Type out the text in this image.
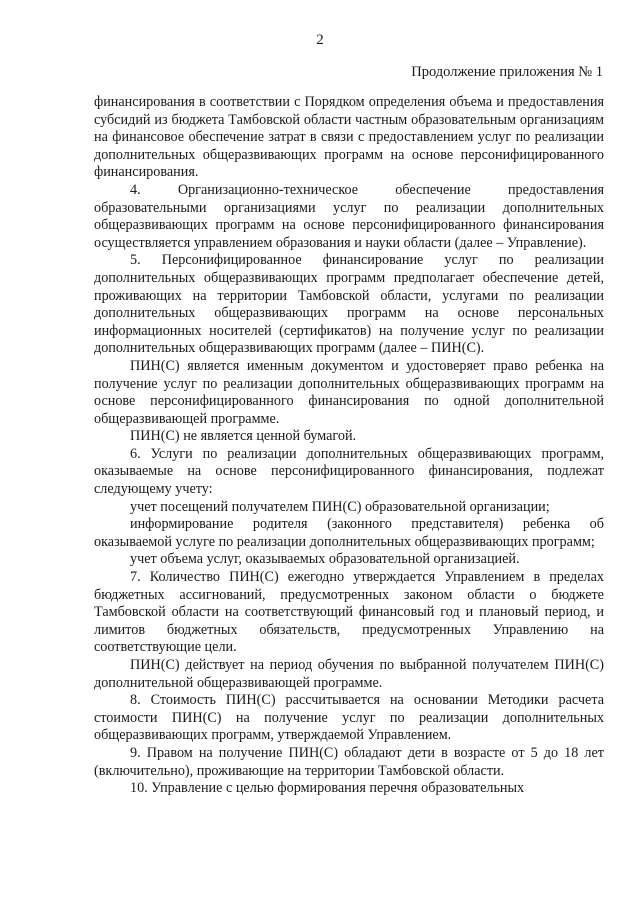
2
Продолжение приложения № 1

финансирования в соответствии с Порядком определения объема и предоставления субсидий из бюджета Тамбовской области частным образовательным организациям на финансовое обеспечение затрат в связи с предоставлением услуг по реализации дополнительных общеразвивающих программ на основе персонифицированного финансирования.

4. Организационно-техническое обеспечение предоставления образовательными организациями услуг по реализации дополнительных общеразвивающих программ на основе персонифицированного финансирования осуществляется управлением образования и науки области (далее – Управление).

5. Персонифицированное финансирование услуг по реализации дополнительных общеразвивающих программ предполагает обеспечение детей, проживающих на территории Тамбовской области, услугами по реализации дополнительных общеразвивающих программ на основе персональных информационных носителей (сертификатов) на получение услуг по реализации дополнительных общеразвивающих программ (далее – ПИН(С).

ПИН(С) является именным документом и удостоверяет право ребенка на получение услуг по реализации дополнительных общеразвивающих программ на основе персонифицированного финансирования по одной дополнительной общеразвивающей программе.

ПИН(С) не является ценной бумагой.

6. Услуги по реализации дополнительных общеразвивающих программ, оказываемые на основе персонифицированного финансирования, подлежат следующему учету:

учет посещений получателем ПИН(С) образовательной организации;

информирование родителя (законного представителя) ребенка об оказываемой услуге по реализации дополнительных общеразвивающих программ;

учет объема услуг, оказываемых образовательной организацией.

7. Количество ПИН(С) ежегодно утверждается Управлением в пределах бюджетных ассигнований, предусмотренных законом области о бюджете Тамбовской области на соответствующий финансовый год и плановый период, и лимитов бюджетных обязательств, предусмотренных Управлению на соответствующие цели.

ПИН(С) действует на период обучения по выбранной получателем ПИН(С) дополнительной общеразвивающей программе.

8. Стоимость ПИН(С) рассчитывается на основании Методики расчета стоимости ПИН(С) на получение услуг по реализации дополнительных общеразвивающих программ, утверждаемой Управлением.

9. Правом на получение ПИН(С) обладают дети в возрасте от 5 до 18 лет (включительно), проживающие на территории Тамбовской области.

10. Управление с целью формирования перечня образовательных
